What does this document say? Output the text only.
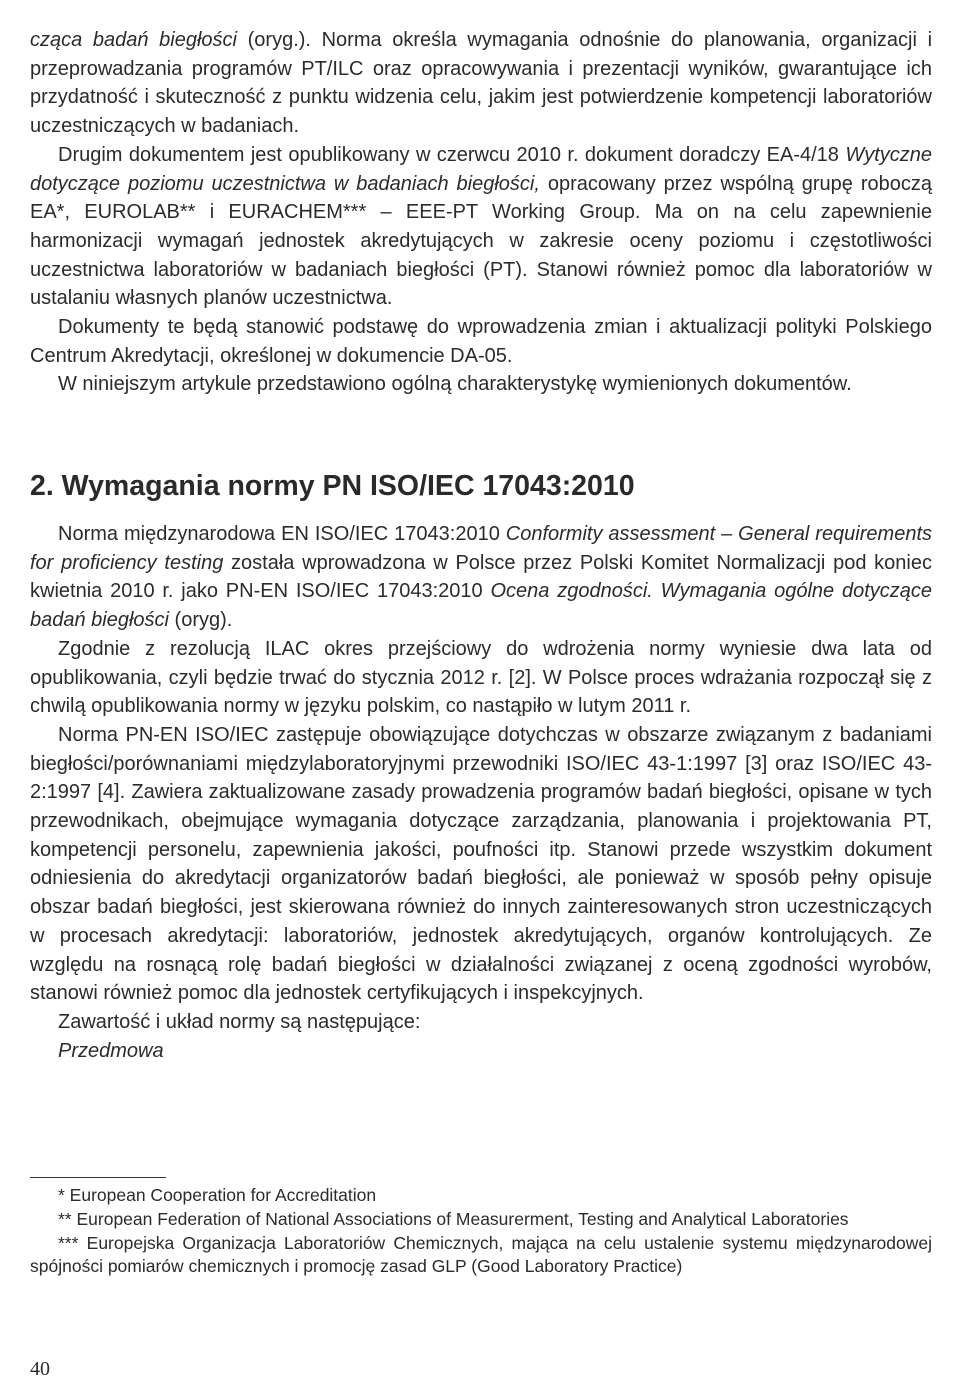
cząca badań biegłości (oryg.). Norma określa wymagania odnośnie do planowania, organizacji i przeprowadzania programów PT/ILC oraz opracowywania i prezentacji wyników, gwarantujące ich przydatność i skuteczność z punktu widzenia celu, jakim jest potwierdzenie kompetencji laboratoriów uczestniczących w badaniach.

Drugim dokumentem jest opublikowany w czerwcu 2010 r. dokument doradczy EA-4/18 Wytyczne dotyczące poziomu uczestnictwa w badaniach biegłości, opracowany przez wspólną grupę roboczą EA*, EUROLAB** i EURACHEM*** – EEE-PT Working Group. Ma on na celu zapewnienie harmonizacji wymagań jednostek akredytujących w zakresie oceny poziomu i częstotliwości uczestnictwa laboratoriów w badaniach biegłości (PT). Stanowi również pomoc dla laboratoriów w ustalaniu własnych planów uczestnictwa.

Dokumenty te będą stanowić podstawę do wprowadzenia zmian i aktualizacji polityki Polskiego Centrum Akredytacji, określonej w dokumencie DA-05.

W niniejszym artykule przedstawiono ogólną charakterystykę wymienionych dokumentów.

2. Wymagania normy PN ISO/IEC 17043:2010

Norma międzynarodowa EN ISO/IEC 17043:2010 Conformity assessment – General requirements for proficiency testing została wprowadzona w Polsce przez Polski Komitet Normalizacji pod koniec kwietnia 2010 r. jako PN-EN ISO/IEC 17043:2010 Ocena zgodności. Wymagania ogólne dotyczące badań biegłości (oryg).

Zgodnie z rezolucją ILAC okres przejściowy do wdrożenia normy wyniesie dwa lata od opublikowania, czyli będzie trwać do stycznia 2012 r. [2]. W Polsce proces wdrażania rozpoczął się z chwilą opublikowania normy w języku polskim, co nastąpiło w lutym 2011 r.

Norma PN-EN ISO/IEC zastępuje obowiązujące dotychczas w obszarze związanym z badaniami biegłości/porównaniami międzylaboratoryjnymi przewodniki ISO/IEC 43-1:1997 [3] oraz ISO/IEC 43-2:1997 [4]. Zawiera zaktualizowane zasady prowadzenia programów badań biegłości, opisane w tych przewodnikach, obejmujące wymagania dotyczące zarządzania, planowania i projektowania PT, kompetencji personelu, zapewnienia jakości, poufności itp. Stanowi przede wszystkim dokument odniesienia do akredytacji organizatorów badań biegłości, ale ponieważ w sposób pełny opisuje obszar badań biegłości, jest skierowana również do innych zainteresowanych stron uczestniczących w procesach akredytacji: laboratoriów, jednostek akredytujących, organów kontrolujących. Ze względu na rosnącą rolę badań biegłości w działalności związanej z oceną zgodności wyrobów, stanowi również pomoc dla jednostek certyfikujących i inspekcyjnych.

Zawartość i układ normy są następujące:

Przedmowa

* European Cooperation for Accreditation

** European Federation of National Associations of Measurerment, Testing and Analytical Laboratories

*** Europejska Organizacja Laboratoriów Chemicznych, mająca na celu ustalenie systemu międzynarodowej spójności pomiarów chemicznych i promocję zasad GLP (Good Laboratory Practice)

40
